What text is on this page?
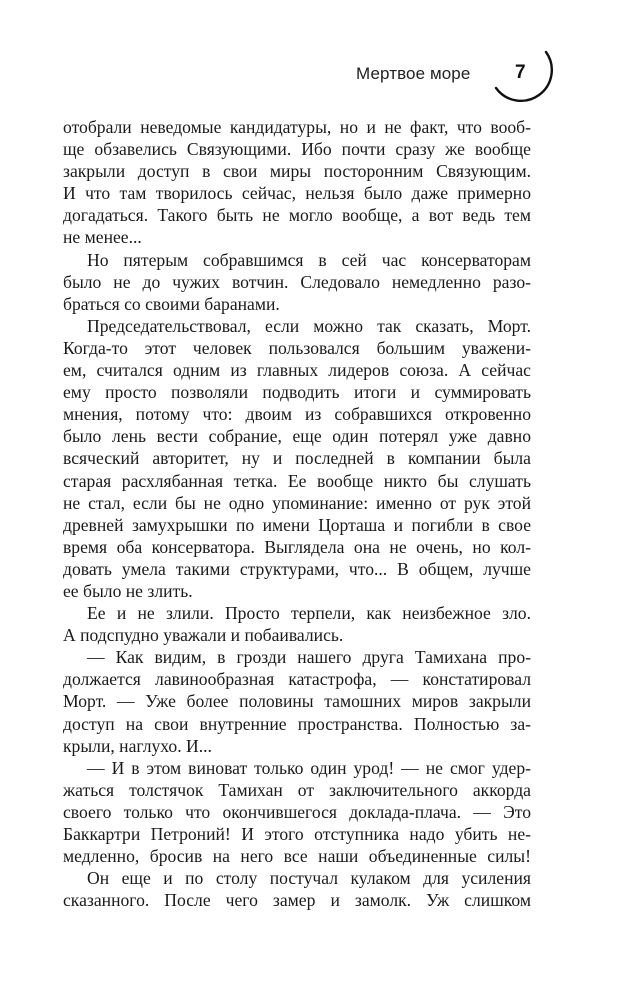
Мертвое море 7

отобрали неведомые кандидатуры, но и не факт, что вооб-

ще обзавелись Связующими. Ибо почти сразу же вообще

закрыли доступ в свои миры посторонним Связующим.

И что там творилось сейчас, нельзя было даже примерно

догадаться. Такого быть не могло вообще, а вот ведь тем

не менее...

Но пятерым собравшимся в сей час консерваторам

было не до чужих вотчин. Следовало немедленно разо-

браться со своими баранами.

Председательствовал, если можно так сказать, Морт.

Когда-то этот человек пользовался большим уважени-

ем, считался одним из главных лидеров союза. А сейчас

ему просто позволяли подводить итоги и суммировать

мнения, потому что: двоим из собравшихся откровенно

было лень вести собрание, еще один потерял уже давно

всяческий авторитет, ну и последней в компании была

старая расхлябанная тетка. Ее вообще никто бы слушать

не стал, если бы не одно упоминание: именно от рук этой

древней замухрышки по имени Цорташа и погибли в свое

время оба консерватора. Выглядела она не очень, но кол-

довать умела такими структурами, что... В общем, лучше

ее было не злить.

Ее и не злили. Просто терпели, как неизбежное зло.

А подспудно уважали и побаивались.

— Как видим, в грозди нашего друга Тамихана про-

должается лавинообразная катастрофа, — констатировал

Морт. — Уже более половины тамошних миров закрыли

доступ на свои внутренние пространства. Полностью за-

крыли, наглухо. И...

— И в этом виноват только один урод! — не смог удер-

жаться толстячок Тамихан от заключительного аккорда

своего только что окончившегося доклада-плача. — Это

Баккартри Петроний! И этого отступника надо убить не-

медленно, бросив на него все наши объединенные силы!

Он еще и по столу постучал кулаком для усиления

сказанного. После чего замер и замолк. Уж слишком
